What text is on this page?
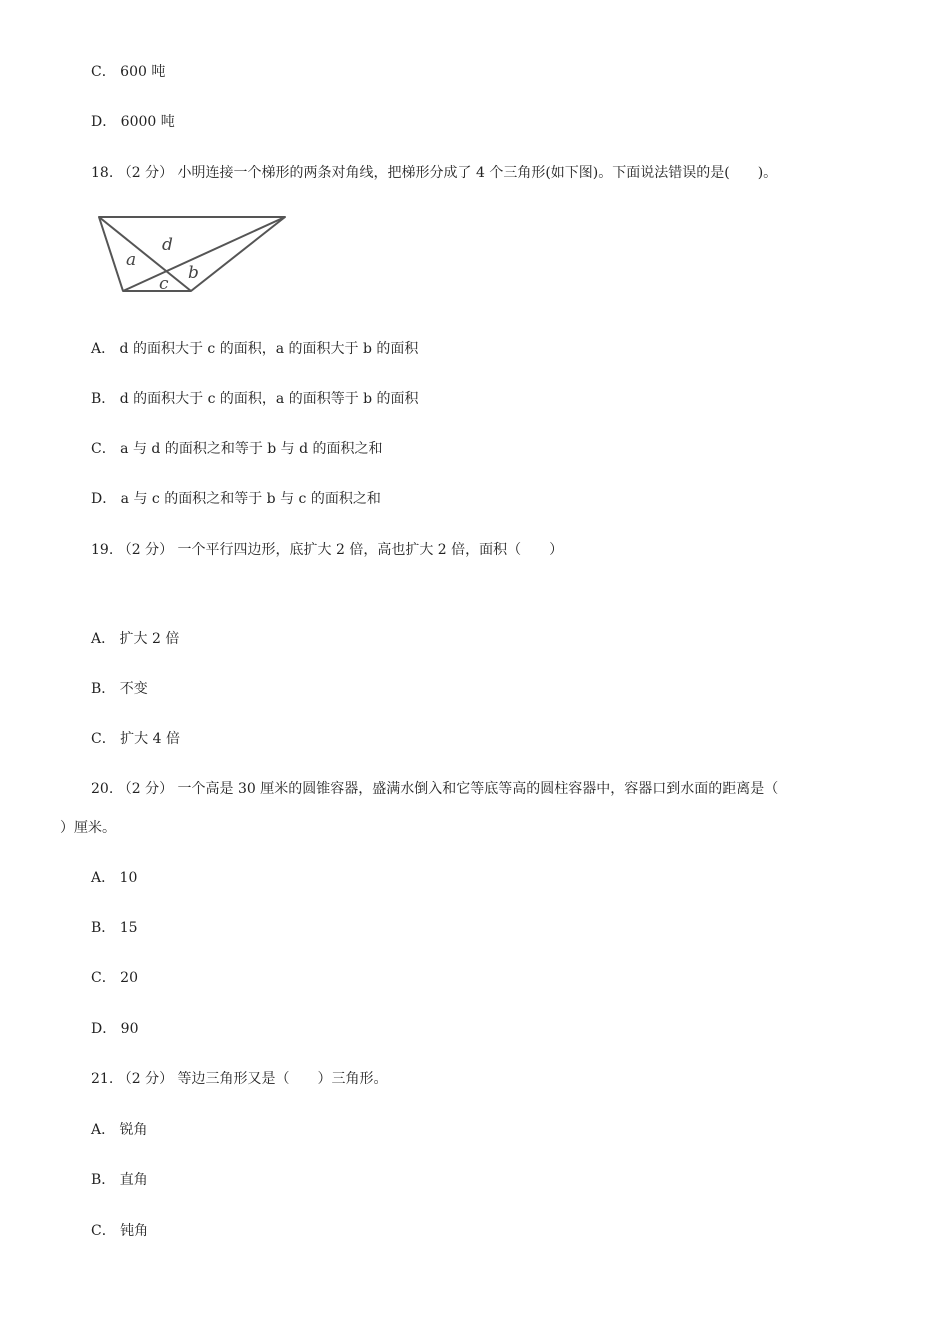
C． 600 吨
D． 6000 吨
18. （2 分） 小明连接一个梯形的两条对角线，把梯形分成了 4 个三角形(如下图)。下面说法错误的是(　　)。
d
a
b
c
A． d 的面积大于 c 的面积，a 的面积大于 b 的面积
B． d 的面积大于 c 的面积，a 的面积等于 b 的面积
C． a 与 d 的面积之和等于 b 与 d 的面积之和
D． a 与 c 的面积之和等于 b 与 c 的面积之和
19. （2 分） 一个平行四边形，底扩大 2 倍，高也扩大 2 倍，面积（　　）
A． 扩大 2 倍
B． 不变
C． 扩大 4 倍
20. （2 分） 一个高是 30 厘米的圆锥容器，盛满水倒入和它等底等高的圆柱容器中，容器口到水面的距离是（
）厘米。
A． 10
B． 15
C． 20
D． 90
21. （2 分） 等边三角形又是（　　）三角形。
A． 锐角
B． 直角
C． 钝角
